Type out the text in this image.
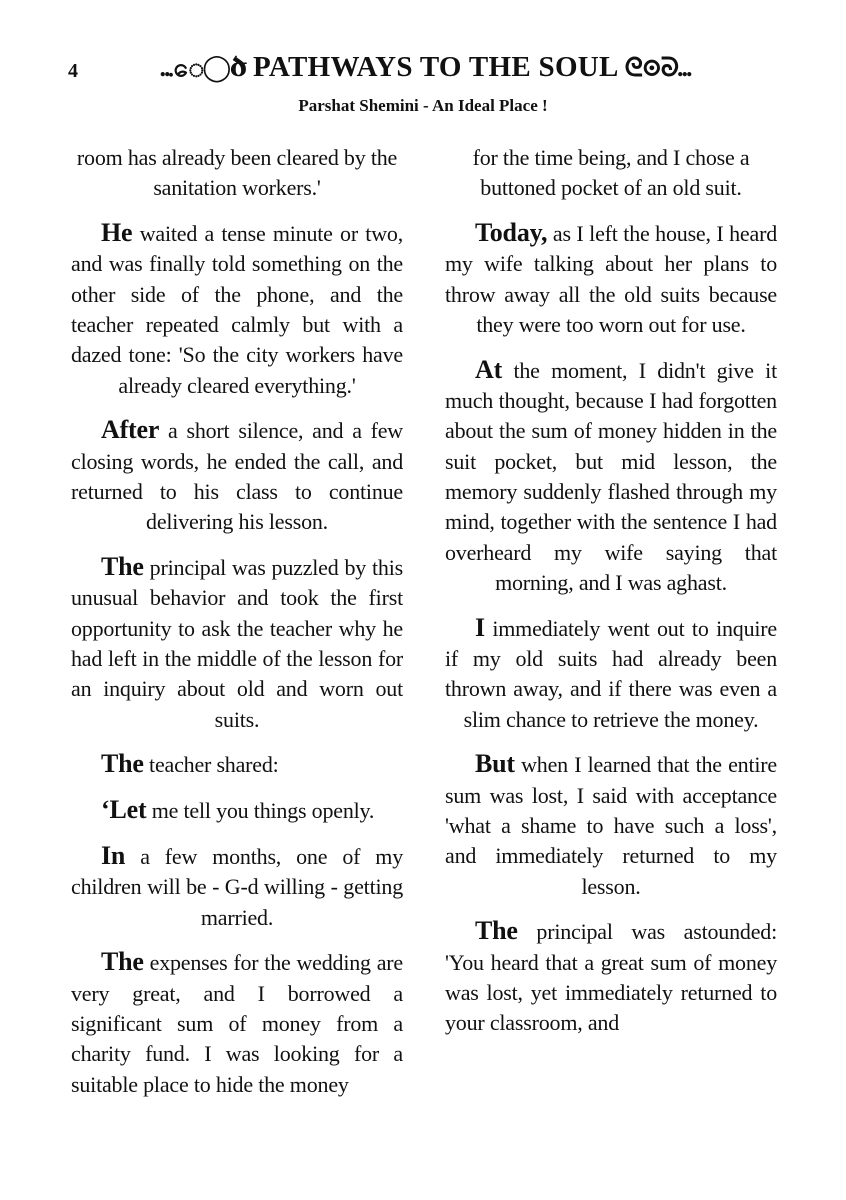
4	...ေ◯ծ PATHWAYS TO THE SOUL ᘓ⊙ᘐ...
Parshat Shemini - An Ideal Place !

room has already been cleared by the sanitation workers.'

He waited a tense minute or two, and was finally told something on the other side of the phone, and the teacher repeated calmly but with a dazed tone: 'So the city workers have already cleared everything.'

After a short silence, and a few closing words, he ended the call, and returned to his class to continue delivering his lesson.

The principal was puzzled by this unusual behavior and took the first opportunity to ask the teacher why he had left in the middle of the lesson for an inquiry about old and worn out suits.

The teacher shared:

‘Let me tell you things openly.

In a few months, one of my children will be - G-d willing - getting married.

The expenses for the wedding are very great, and I borrowed a significant sum of money from a charity fund. I was looking for a suitable place to hide the money

for the time being, and I chose a buttoned pocket of an old suit.

Today, as I left the house, I heard my wife talking about her plans to throw away all the old suits because they were too worn out for use.

At the moment, I didn't give it much thought, because I had forgotten about the sum of money hidden in the suit pocket, but mid lesson, the memory suddenly flashed through my mind, together with the sentence I had overheard my wife saying that morning, and I was aghast.

I immediately went out to inquire if my old suits had already been thrown away, and if there was even a slim chance to retrieve the money.

But when I learned that the entire sum was lost, I said with acceptance 'what a shame to have such a loss', and immediately returned to my lesson.

The principal was astounded: 'You heard that a great sum of money was lost, yet immediately returned to your classroom, and
